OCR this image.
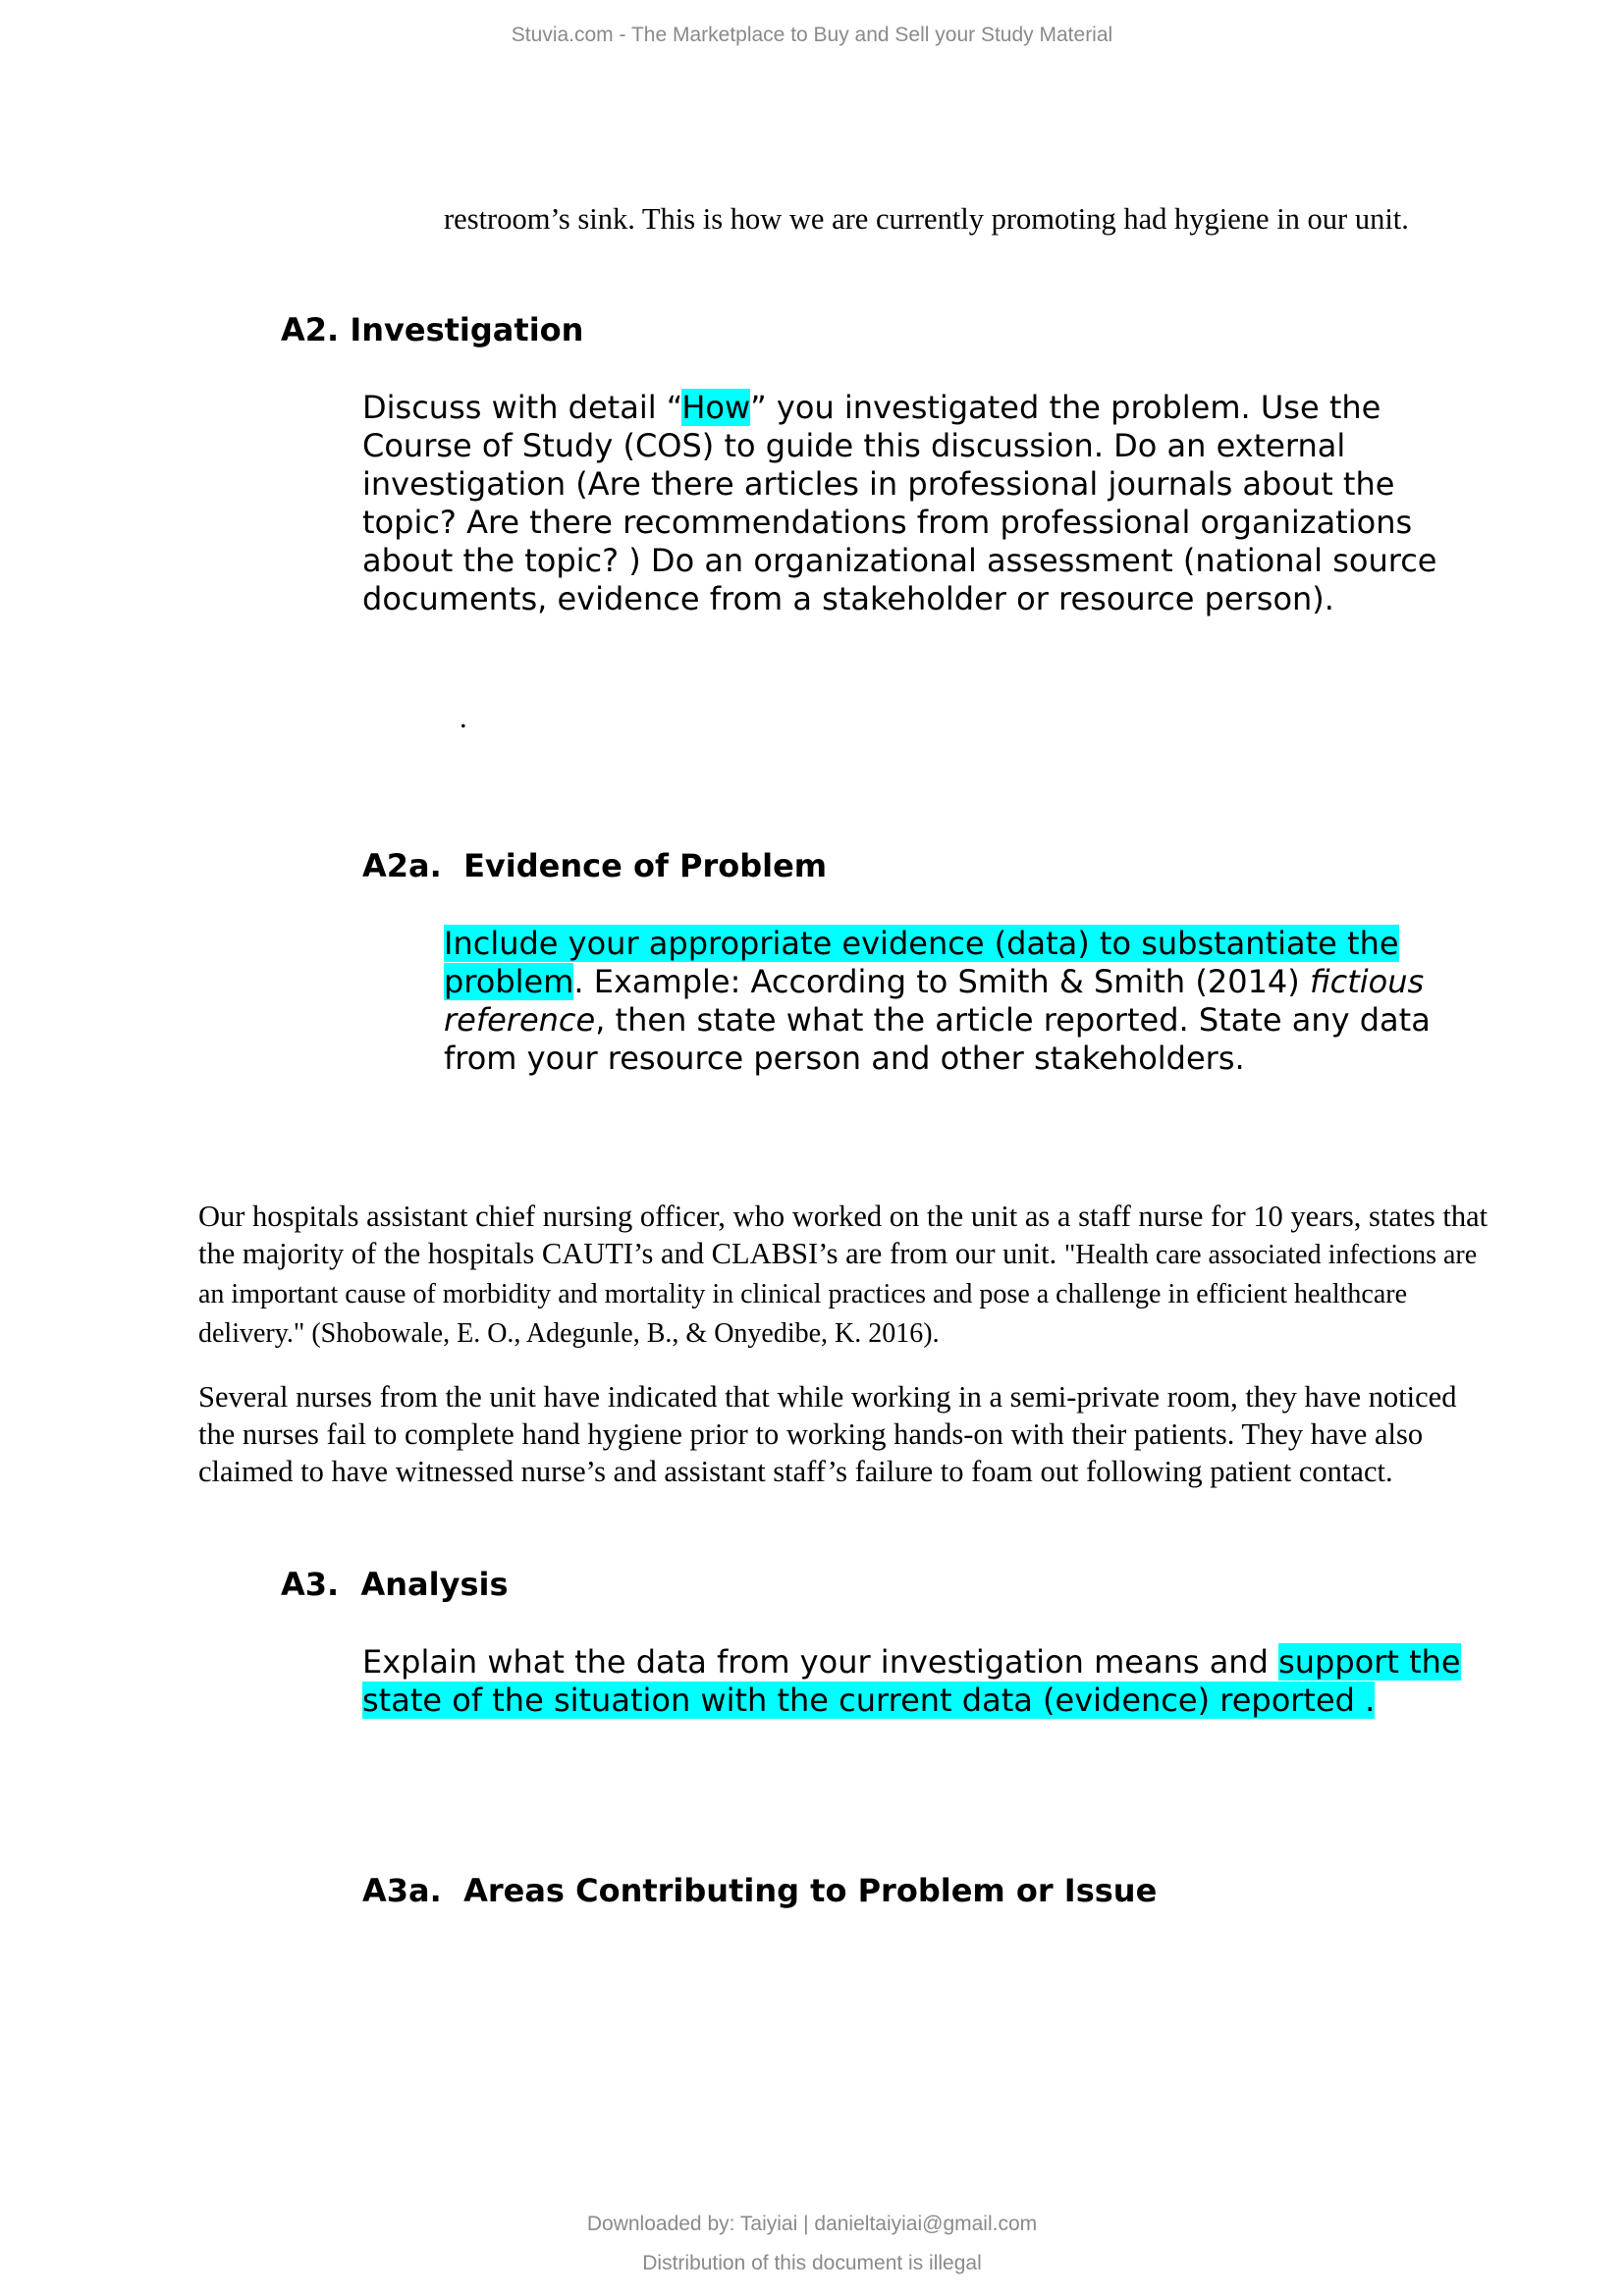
Stuvia.com - The Marketplace to Buy and Sell your Study Material

restroom’s sink. This is how we are currently promoting had hygiene in our unit.

A2. Investigation
Discuss with detail “How” you investigated the problem. Use the Course of Study (COS) to guide this discussion. Do an external investigation (Are there articles in professional journals about the topic? Are there recommendations from professional organizations about the topic? ) Do an organizational assessment (national source documents, evidence from a stakeholder or resource person).
.
A2a.  Evidence of Problem
Include your appropriate evidence (data) to substantiate the problem. Example: According to Smith & Smith (2014) fictious reference, then state what the article reported. State any data from your resource person and other stakeholders.
Our hospitals assistant chief nursing officer, who worked on the unit as a staff nurse for 10 years, states that the majority of the hospitals CAUTI’s and CLABSI’s are from our unit. "Health care associated infections are an important cause of morbidity and mortality in clinical practices and pose a challenge in efficient healthcare delivery." (Shobowale, E. O., Adegunle, B., & Onyedibe, K. 2016).

Several nurses from the unit have indicated that while working in a semi-private room, they have noticed the nurses fail to complete hand hygiene prior to working hands-on with their patients. They have also claimed to have witnessed nurse’s and assistant staff’s failure to foam out following patient contact.

A3.  Analysis
Explain what the data from your investigation means and support the state of the situation with the current data (evidence) reported .
A3a.  Areas Contributing to Problem or Issue
Downloaded by: Taiyiai | danieltaiyiai@gmail.com
Distribution of this document is illegal
